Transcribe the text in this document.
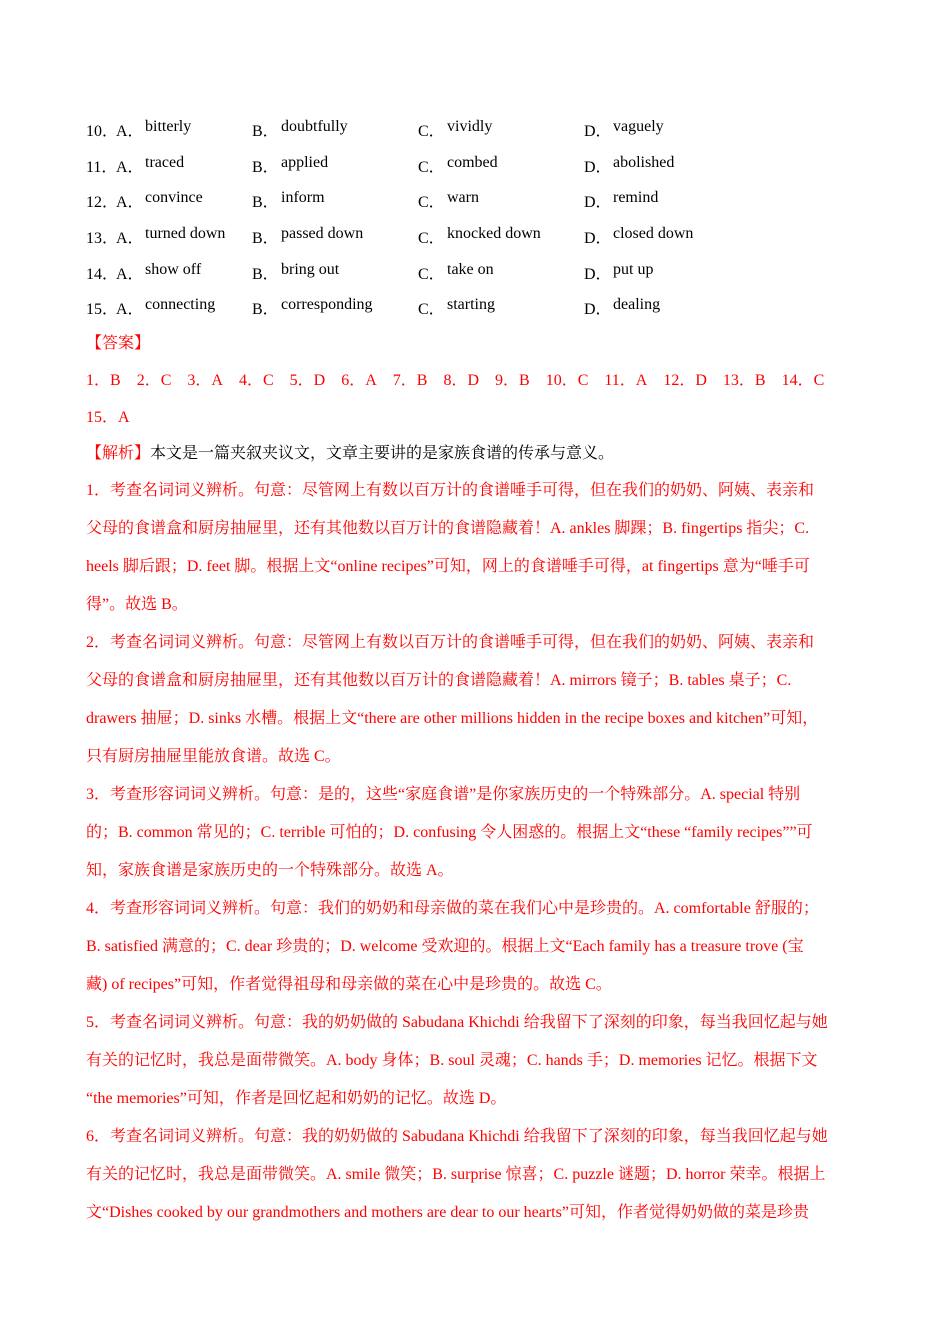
10．
A． bitterly	B． doubtfully	C． vividly	D． vaguely
11．
A． traced	B． applied	C． combed	D． abolished
12．
A． convince	B． inform	C． warn	D． remind
13．
A． turned down B． passed down	C． knocked down	D． closed down
14．
A． show off	B． bring out	C． take on	D． put up
15．
A． connecting B． corresponding	C． starting	D． dealing
【答案】
1．B 2．C 3．A 4．C 5．D 6．A 7．B 8．D 9．B 10．C 11．A 12．D 13．B 14．C 15．A
【解析】本文是一篇夹叙夹议文，文章主要讲的是家族食谱的传承与意义。
1．考查名词词义辨析。句意：尽管网上有数以百万计的食谱唾手可得，但在我们的奶奶、阿姨、表亲和
父母的食谱盒和厨房抽屉里，还有其他数以百万计的食谱隐藏着！A. ankles 脚踝；B. fingertips 指尖；C.
heels 脚后跟；D. feet 脚。根据上文“online recipes”可知，网上的食谱唾手可得，at fingertips 意为“唾手可
得”。故选 B。
2．考查名词词义辨析。句意：尽管网上有数以百万计的食谱唾手可得，但在我们的奶奶、阿姨、表亲和
父母的食谱盒和厨房抽屉里，还有其他数以百万计的食谱隐藏着！A. mirrors 镜子；B. tables 桌子；C.
drawers 抽屉；D. sinks 水槽。根据上文“there are other millions hidden in the recipe boxes and kitchen”可知，
只有厨房抽屉里能放食谱。故选 C。
3．考查形容词词义辨析。句意：是的，这些“家庭食谱”是你家族历史的一个特殊部分。A. special 特别
的；B. common 常见的；C. terrible 可怕的；D. confusing 令人困惑的。根据上文“these “family recipes””可
知，家族食谱是家族历史的一个特殊部分。故选 A。
4．考查形容词词义辨析。句意：我们的奶奶和母亲做的菜在我们心中是珍贵的。A. comfortable 舒服的；
B. satisfied 满意的；C. dear 珍贵的；D. welcome 受欢迎的。根据上文“Each family has a treasure trove (宝
藏) of recipes”可知，作者觉得祖母和母亲做的菜在心中是珍贵的。故选 C。
5．考查名词词义辨析。句意：我的奶奶做的 Sabudana Khichdi 给我留下了深刻的印象，每当我回忆起与她
有关的记忆时，我总是面带微笑。A. body 身体；B. soul 灵魂；C. hands 手；D. memories 记忆。根据下文
“the memories”可知，作者是回忆起和奶奶的记忆。故选 D。
6．考查名词词义辨析。句意：我的奶奶做的 Sabudana Khichdi 给我留下了深刻的印象，每当我回忆起与她
有关的记忆时，我总是面带微笑。A. smile 微笑；B. surprise 惊喜；C. puzzle 谜题；D. horror 荣幸。根据上
文“Dishes cooked by our grandmothers and mothers are dear to our hearts”可知，作者觉得奶奶做的菜是珍贵
